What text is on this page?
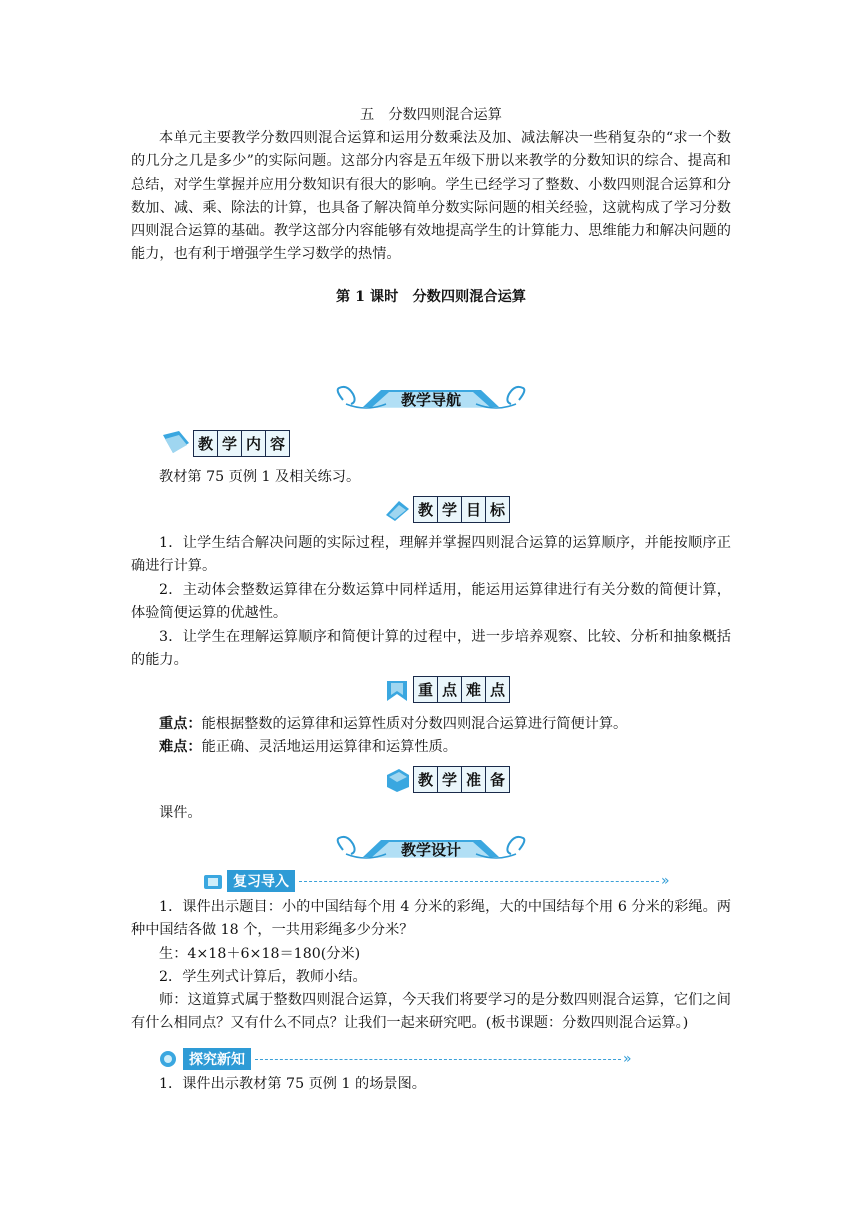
五　分数四则混合运算

本单元主要教学分数四则混合运算和运用分数乘法及加、减法解决一些稍复杂的“求一个数的几分之几是多少”的实际问题。这部分内容是五年级下册以来教学的分数知识的综合、提高和总结，对学生掌握并应用分数知识有很大的影响。学生已经学习了整数、小数四则混合运算和分数加、减、乘、除法的计算，也具备了解决简单分数实际问题的相关经验，这就构成了学习分数四则混合运算的基础。教学这部分内容能够有效地提高学生的计算能力、思维能力和解决问题的能力，也有利于增强学生学习数学的热情。

第 1 课时　分数四则混合运算

教学导航
教 学 内 容

教材第 75 页例 1 及相关练习。

教 学 目 标

1．让学生结合解决问题的实际过程，理解并掌握四则混合运算的运算顺序，并能按顺序正确进行计算。

2．主动体会整数运算律在分数运算中同样适用，能运用运算律进行有关分数的简便计算，体验简便运算的优越性。

3．让学生在理解运算顺序和简便计算的过程中，进一步培养观察、比较、分析和抽象概括的能力。

重 点 难 点

重点：能根据整数的运算律和运算性质对分数四则混合运算进行简便计算。

难点：能正确、灵活地运用运算律和运算性质。

教 学 准 备

课件。

教学设计
复习导入	»

1．课件出示题目：小的中国结每个用 4 分米的彩绳，大的中国结每个用 6 分米的彩绳。两种中国结各做 18 个，一共用彩绳多少分米？

生：4×18＋6×18＝180(分米)

2．学生列式计算后，教师小结。

师：这道算式属于整数四则混合运算，今天我们将要学习的是分数四则混合运算，它们之间有什么相同点？又有什么不同点？让我们一起来研究吧。(板书课题：分数四则混合运算。)

探究新知	»

1．课件出示教材第 75 页例 1 的场景图。
